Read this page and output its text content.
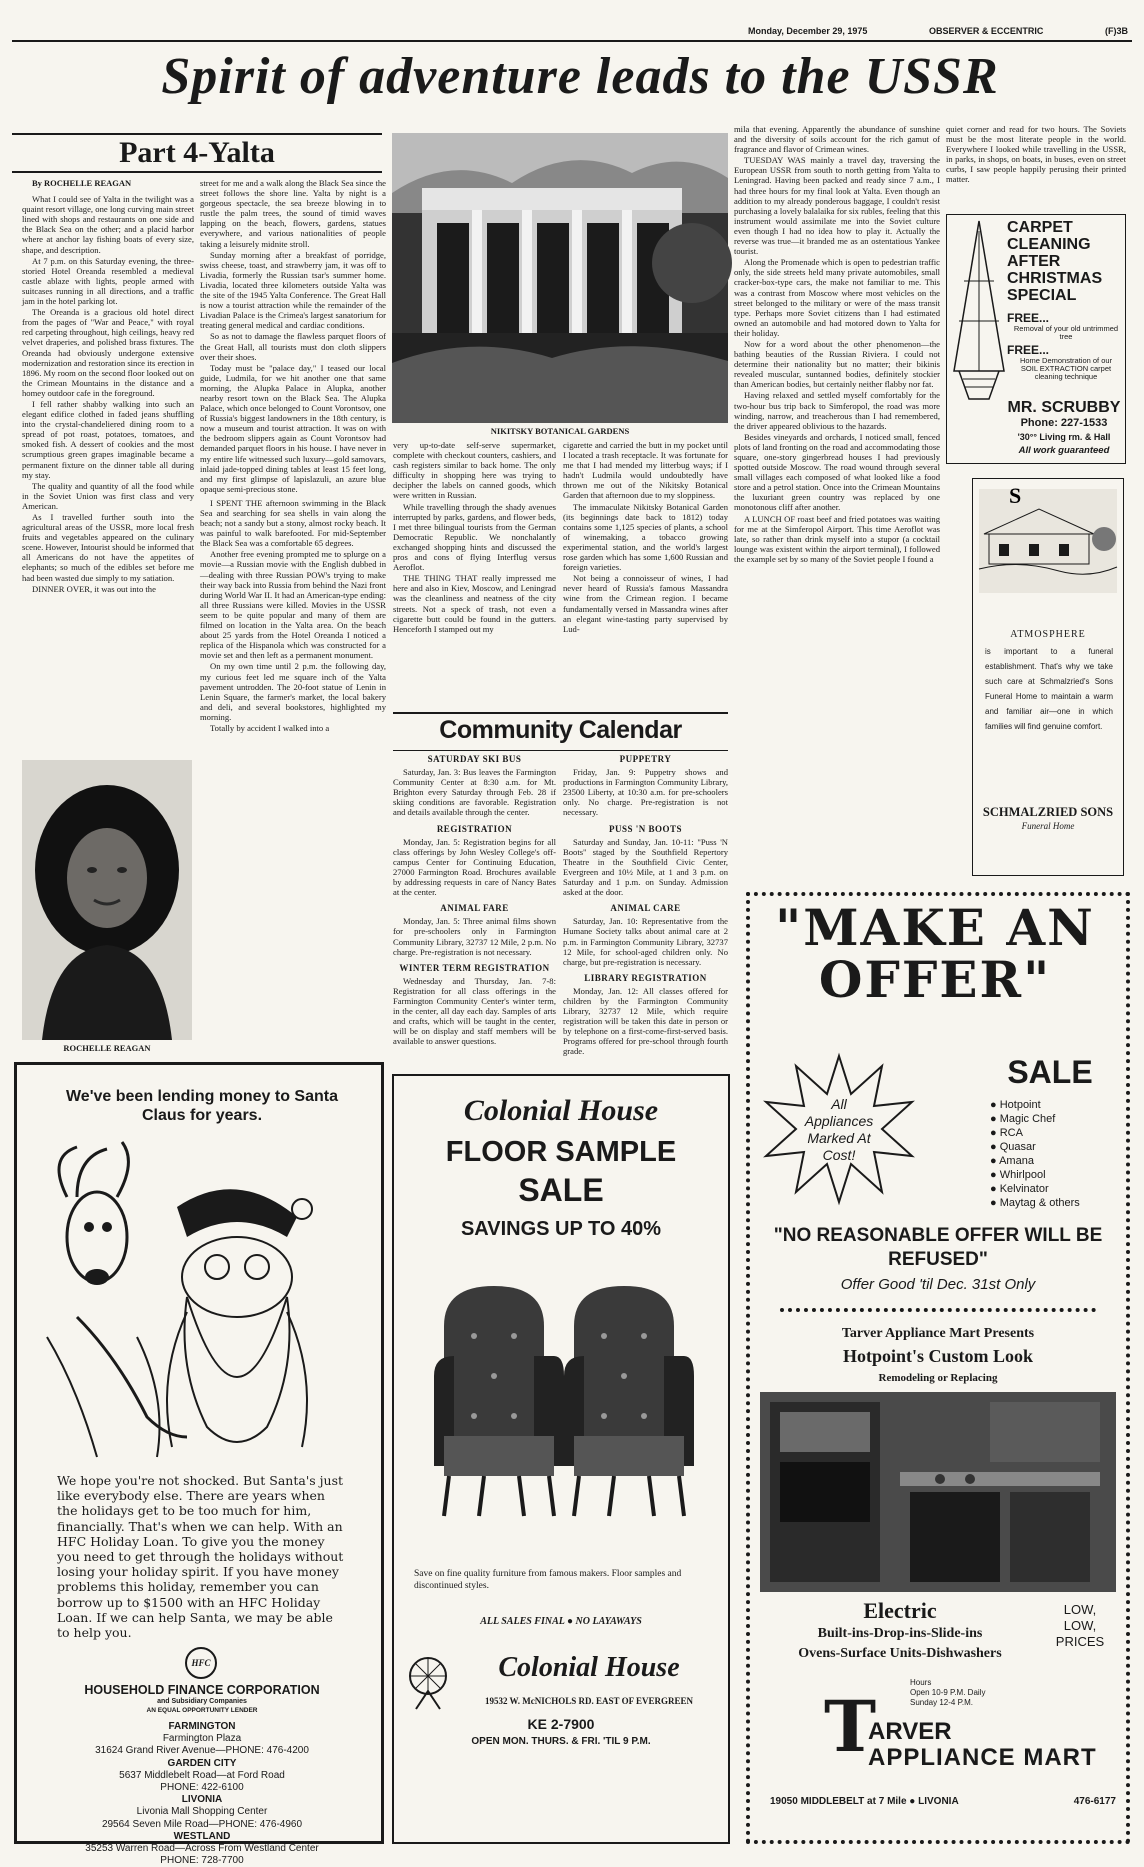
Monday, December 29, 1975	OBSERVER & ECCENTRIC	(F)3B
Spirit of adventure leads to the USSR
Part 4-Yalta
By ROCHELLE REAGAN

What I could see of Yalta in the twilight was a quaint resort village, one long curving main street lined with shops and restaurants on one side and the Black Sea on the other; and a placid harbor where at anchor lay fishing boats of every size, shape, and description.

At 7 p.m. on this Saturday evening, the three-storied Hotel Oreanda resembled a medieval castle ablaze with lights, people armed with suitcases running in all directions, and a traffic jam in the hotel parking lot.

The Oreanda is a gracious old hotel direct from the pages of "War and Peace," with royal red carpeting throughout, high ceilings, heavy red velvet draperies, and polished brass fixtures. The Oreanda had obviously undergone extensive modernization and restoration since its erection in 1896. My room on the second floor looked out on the Crimean Mountains in the distance and a homey outdoor cafe in the foreground.

I fell rather shabby walking into such an elegant edifice clothed in faded jeans shuffling into the crystal-chandeliered dining room to a spread of pot roast, potatoes, tomatoes, and smoked fish. A dessert of cookies and the most scrumptious green grapes imaginable became a permanent fixture on the dinner table all during my stay.

The quality and quantity of all the food while in the Soviet Union was first class and very American.

As I travelled further south into the agricultural areas of the USSR, more local fresh fruits and vegetables appeared on the culinary scene. However, Intourist should be informed that all Americans do not have the appetites of elephants; so much of the edibles set before me had been wasted due simply to my satiation.

DINNER OVER, it was out into the

ROCHELLE REAGAN

street for me and a walk along the Black Sea since the street follows the shore line. Yalta by night is a gorgeous spectacle, the sea breeze blowing in to rustle the palm trees, the sound of timid waves lapping on the beach, flowers, gardens, statues everywhere, and various nationalities of people taking a leisurely midnite stroll.

Sunday morning after a breakfast of porridge, swiss cheese, toast, and strawberry jam, it was off to Livadia, formerly the Russian tsar's summer home. Livadia, located three kilometers outside Yalta was the site of the 1945 Yalta Conference. The Great Hall is now a tourist attraction while the remainder of the Livadian Palace is the Crimea's largest sanatorium for treating general medical and cardiac conditions.

So as not to damage the flawless parquet floors of the Great Hall, all tourists must don cloth slippers over their shoes.

Today must be "palace day," I teased our local guide, Ludmila, for we hit another one that same morning, the Alupka Palace in Alupka, another nearby resort town on the Black Sea. The Alupka Palace, which once belonged to Count Vorontsov, one of Russia's biggest landowners in the 18th century, is now a museum and tourist attraction. It was on with the bedroom slippers again as Count Vorontsov had demanded parquet floors in his house. I have never in my entire life witnessed such luxury—gold samovars, inlaid jade-topped dining tables at least 15 feet long, and my first glimpse of lapislazuli, an azure blue opaque semi-precious stone.

I SPENT THE afternoon swimming in the Black Sea and searching for sea shells in vain along the beach; not a sandy but a stony, almost rocky beach. It was painful to walk barefooted. For mid-September the Black Sea was a comfortable 65 degrees.

Another free evening prompted me to splurge on a movie—a Russian movie with the English dubbed in—dealing with three Russian POW's trying to make their way back into Russia from behind the Nazi front during World War II. It had an American-type ending: all three Russians were killed. Movies in the USSR seem to be quite popular and many of them are filmed on location in the Yalta area. On the beach about 25 yards from the Hotel Oreanda I noticed a replica of the Hispanola which was constructed for a movie set and then left as a permanent monument.

On my own time until 2 p.m. the following day, my curious feet led me square inch of the Yalta pavement untrodden. The 20-foot statue of Lenin in Lenin Square, the farmer's market, the local bakery and deli, and several bookstores, highlighted my morning.

Totally by accident I walked into a

NIKITSKY BOTANICAL GARDENS

very up-to-date self-serve supermarket, complete with checkout counters, cashiers, and cash registers similar to back home. The only difficulty in shopping here was trying to decipher the labels on canned goods, which were written in Russian.

While travelling through the shady avenues interrupted by parks, gardens, and flower beds, I met three bilingual tourists from the German Democratic Republic. We nonchalantly exchanged shopping hints and discussed the pros and cons of flying Interflug versus Aeroflot.

THE THING THAT really impressed me here and also in Kiev, Moscow, and Leningrad was the cleanliness and neatness of the city streets. Not a speck of trash, not even a cigarette butt could be found in the gutters. Henceforth I stamped out my

cigarette and carried the butt in my pocket until I located a trash receptacle. It was fortunate for me that I had mended my litterbug ways; if I hadn't Ludmila would undoubtedly have thrown me out of the Nikitsky Botanical Garden that afternoon due to my sloppiness.

The immaculate Nikitsky Botanical Garden (its beginnings date back to 1812) today contains some 1,125 species of plants, a school of winemaking, a tobacco growing experimental station, and the world's largest rose garden which has some 1,600 Russian and foreign varieties.

Not being a connoisseur of wines, I had never heard of Russia's famous Massandra wine from the Crimean region. I became fundamentally versed in Massandra wines after an elegant wine-tasting party supervised by Lud-

mila that evening. Apparently the abundance of sunshine and the diversity of soils account for the rich gamut of fragrance and flavor of Crimean wines.

TUESDAY WAS mainly a travel day, traversing the European USSR from south to north getting from Yalta to Leningrad. Having been packed and ready since 7 a.m., I had three hours for my final look at Yalta. Even though an addition to my already ponderous baggage, I couldn't resist purchasing a lovely balalaika for six rubles, feeling that this instrument would assimilate me into the Soviet culture even though I had no idea how to play it. Actually the reverse was true—it branded me as an ostentatious Yankee tourist.

Along the Promenade which is open to pedestrian traffic only, the side streets held many private automobiles, small cracker-box-type cars, the make not familiar to me. This was a contrast from Moscow where most vehicles on the street belonged to the military or were of the mass transit type. Perhaps more Soviet citizens than I had estimated owned an automobile and had motored down to Yalta for their holiday.

Now for a word about the other phenomenon—the bathing beauties of the Russian Riviera. I could not determine their nationality but no matter; their bikinis revealed muscular, suntanned bodies, definitely stockier than American bodies, but certainly neither flabby nor fat.

Having relaxed and settled myself comfortably for the two-hour bus trip back to Simferopol, the road was more winding, narrow, and treacherous than I had remembered, the driver appeared oblivious to the hazards.

Besides vineyards and orchards, I noticed small, fenced plots of land fronting on the road and accommodating those square, one-story gingerbread houses I had previously spotted outside Moscow. The road wound through several small villages each composed of what looked like a food store and a petrol station. Once into the Crimean Mountains the luxuriant green country was replaced by one monotonous cliff after another.

A LUNCH OF roast beef and fried potatoes was waiting for me at the Simferopol Airport. This time Aeroflot was late, so rather than drink myself into a stupor (a cocktail lounge was existent within the airport terminal), I followed the example set by so many of the Soviet people I found a

quiet corner and read for two hours. The Soviets must be the most literate people in the world. Everywhere I looked while travelling in the USSR, in parks, in shops, on boats, in buses, even on street curbs, I saw people happily perusing their printed matter.

CARPET CLEANING AFTER CHRISTMAS SPECIAL
FREE...
Removal of your old untrimmed tree
FREE...
Home Demonstration of our SOIL EXTRACTION carpet cleaning technique
MR. SCRUBBY
Phone: 227-1533
'30°° Living rm. & Hall
All work guaranteed
S
ATMOSPHERE
is important to a funeral establishment. That's why we take such care at Schmalzried's Sons Funeral Home to maintain a warm and familiar air—one in which families will find genuine comfort.
SCHMALZRIED SONS
Funeral Home
Community Calendar
SATURDAY SKI BUS

Saturday, Jan. 3: Bus leaves the Farmington Community Center at 8:30 a.m. for Mt. Brighton every Saturday through Feb. 28 if skiing conditions are favorable. Registration and details available through the center.

REGISTRATION

Monday, Jan. 5: Registration begins for all class offerings by John Wesley College's off-campus Center for Continuing Education, 27000 Farmington Road. Brochures available by addressing requests in care of Nancy Bates at the center.

ANIMAL FARE

Monday, Jan. 5: Three animal films shown for pre-schoolers only in Farmington Community Library, 32737 12 Mile, 2 p.m. No charge. Pre-registration is not necessary.

WINTER TERM REGISTRATION

Wednesday and Thursday, Jan. 7-8: Registration for all class offerings in the Farmington Community Center's winter term, in the center, all day each day. Samples of arts and crafts, which will be taught in the center, will be on display and staff members will be available to answer questions.

PUPPETRY

Friday, Jan. 9: Puppetry shows and productions in Farmington Community Library, 23500 Liberty, at 10:30 a.m. for pre-schoolers only. No charge. Pre-registration is not necessary.

PUSS 'N BOOTS

Saturday and Sunday, Jan. 10-11: "Puss 'N Boots" staged by the Southfield Repertory Theatre in the Southfield Civic Center, Evergreen and 10½ Mile, at 1 and 3 p.m. on Saturday and 1 p.m. on Sunday. Admission asked at the door.

ANIMAL CARE

Saturday, Jan. 10: Representative from the Humane Society talks about animal care at 2 p.m. in Farmington Community Library, 32737 12 Mile, for school-aged children only. No charge, but pre-registration is necessary.

LIBRARY REGISTRATION

Monday, Jan. 12: All classes offered for children by the Farmington Community Library, 32737 12 Mile, which require registration will be taken this date in person or by telephone on a first-come-first-served basis. Programs offered for pre-school through fourth grade.

We've been lending money to Santa Claus for years.
We hope you're not shocked. But Santa's just like everybody else. There are years when the holidays get to be too much for him, financially. That's when we can help. With an HFC Holiday Loan. To give you the money you need to get through the holidays without losing your holiday spirit. If you have money problems this holiday, remember you can borrow up to $1500 with an HFC Holiday Loan. If we can help Santa, we may be able to help you.
HFC
HOUSEHOLD FINANCE CORPORATION
and Subsidiary Companies
AN EQUAL OPPORTUNITY LENDER
FARMINGTON
Farmington Plaza
31624 Grand River Avenue—PHONE: 476-4200
GARDEN CITY
5637 Middlebelt Road—at Ford Road
PHONE: 422-6100
LIVONIA
Livonia Mall Shopping Center
29564 Seven Mile Road—PHONE: 476-4960
WESTLAND
35253 Warren Road—Across From Westland Center
PHONE: 728-7700
Colonial House
FLOOR SAMPLE
SALE
SAVINGS UP TO 40%
Save on fine quality furniture from famous makers. Floor samples and discontinued styles.
ALL SALES FINAL ● NO LAYAWAYS
Colonial House
19532 W. McNICHOLS RD. EAST OF EVERGREEN
KE 2-7900
OPEN MON. THURS. & FRI. 'TIL 9 P.M.
"MAKE AN OFFER"
SALE
All Appliances Marked At Cost!
● Hotpoint
● Magic Chef
● RCA
● Quasar
● Amana
● Whirlpool
● Kelvinator
● Maytag & others
"NO REASONABLE OFFER WILL BE REFUSED"
Offer Good 'til Dec. 31st Only
Tarver Appliance Mart Presents
Hotpoint's Custom Look
Remodeling or Replacing
Electric
Built-ins-Drop-ins-Slide-ins
Ovens-Surface Units-Dishwashers
LOW,
LOW,
PRICES
Hours
Open 10-9 P.M. Daily
Sunday 12-4 P.M.
T
ARVER
APPLIANCE MART
19050 MIDDLEBELT at 7 Mile ● LIVONIA	476-6177
